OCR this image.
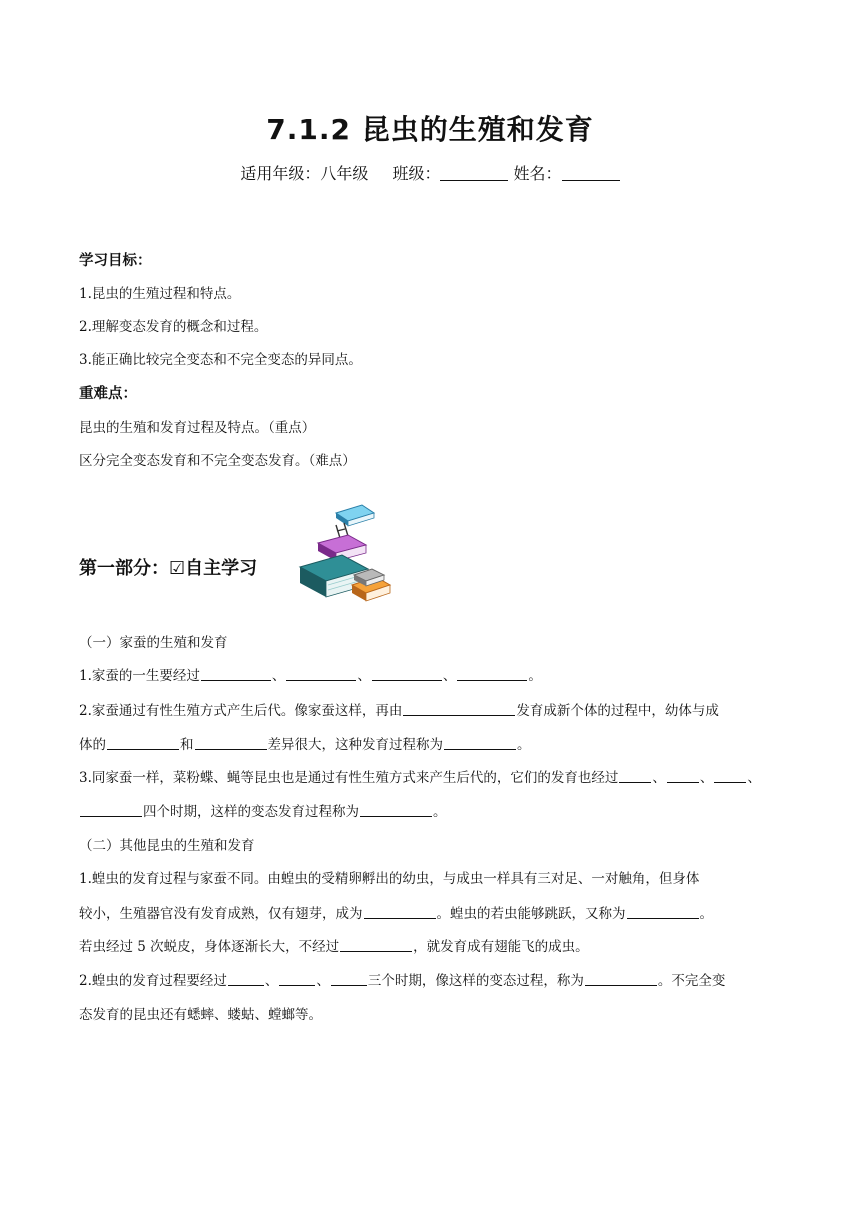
7.1.2 昆虫的生殖和发育
适用年级：八年级 班级：	姓名：
学习目标：
1.昆虫的生殖过程和特点。
2.理解变态发育的概念和过程。
3.能正确比较完全变态和不完全变态的异同点。
重难点：
昆虫的生殖和发育过程及特点。（重点）
区分完全变态发育和不完全变态发育。（难点）
第一部分：☑自主学习
（一）家蚕的生殖和发育
1.家蚕的一生要经过	、	、	、	。
2.家蚕通过有性生殖方式产生后代。像家蚕这样，再由	发育成新个体的过程中，幼体与成
体的	和	差异很大，这种发育过程称为	。
3.同家蚕一样，菜粉蝶、蝇等昆虫也是通过有性生殖方式来产生后代的，它们的发育也经过	、	、	、
四个时期，这样的变态发育过程称为	。
（二）其他昆虫的生殖和发育
1.蝗虫的发育过程与家蚕不同。由蝗虫的受精卵孵出的幼虫，与成虫一样具有三对足、一对触角，但身体
较小，生殖器官没有发育成熟，仅有翅芽，成为	。蝗虫的若虫能够跳跃，又称为	。
若虫经过 5 次蜕皮，身体逐渐长大，不经过	，就发育成有翅能飞的成虫。
2.蝗虫的发育过程要经过	、	、	三个时期，像这样的变态过程，称为	。不完全变
态发育的昆虫还有蟋蟀、蝼蛄、螳螂等。
